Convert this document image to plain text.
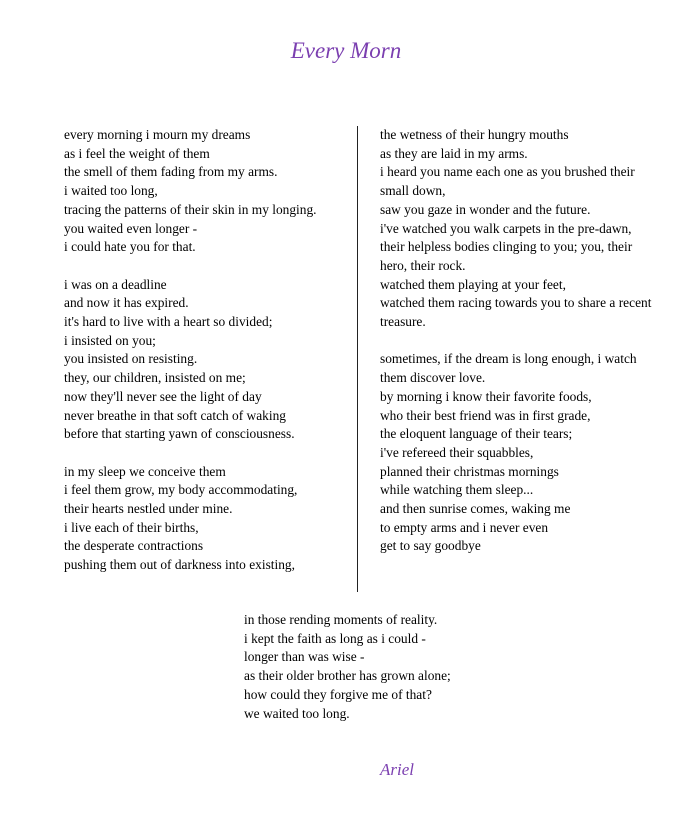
Every Morn
every morning i mourn my dreams
as i feel the weight of them
the smell of them fading from my arms.
i waited too long,
tracing the patterns of their skin in my longing.
you waited even longer -
i could hate you for that.
i was on a deadline
and now it has expired.
it's hard to live with a heart so divided;
i insisted on you;
you insisted on resisting.
they, our children, insisted on me;
now they'll never see the light of day
never breathe in that soft catch of waking
before that starting yawn of consciousness.
in my sleep we conceive them
i feel them grow, my body accommodating,
their hearts nestled under mine.
i live each of their births,
the desperate contractions
pushing them out of darkness into existing,
the wetness of their hungry mouths
as they are laid in my arms.
i heard you name each one as you brushed their small down,
saw you gaze in wonder and the future.
i've watched you walk carpets in the pre-dawn,
their helpless bodies clinging to you; you, their hero, their rock.
watched them playing at your feet,
watched them racing towards you to share a recent treasure.
sometimes, if the dream is long enough, i watch them discover love.
by morning i know their favorite foods,
who their best friend was in first grade,
the eloquent language of their tears;
i've refereed their squabbles,
planned their christmas mornings
while watching them sleep...
and then sunrise comes, waking me
to empty arms and i never even
get to say goodbye
in those rending moments of reality.
i kept the faith as long as i could -
longer than was wise -
as their older brother has grown alone;
how could they forgive me of that?
we waited too long.
Ariel
